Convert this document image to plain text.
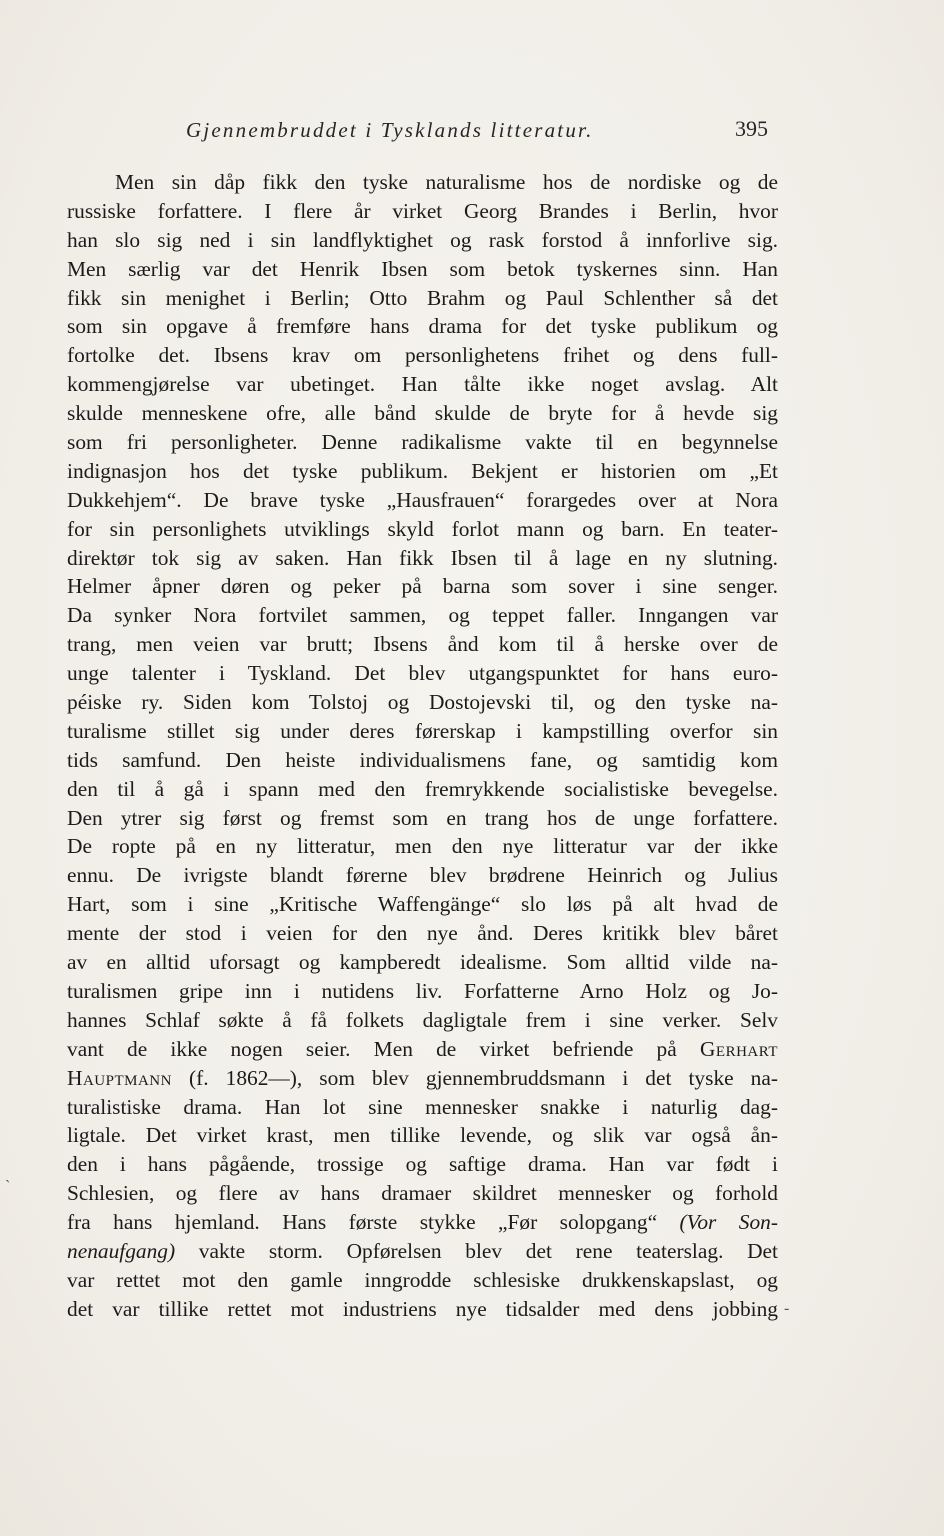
Gjennembruddet i Tysklands litteratur.	395
Men sin dåp fikk den tyske naturalisme hos de nordiske og de
russiske forfattere. I flere år virket Georg Brandes i Berlin, hvor
han slo sig ned i sin landflyktighet og rask forstod å innforlive sig.
Men særlig var det Henrik Ibsen som betok tyskernes sinn. Han
fikk sin menighet i Berlin; Otto Brahm og Paul Schlenther så det
som sin opgave å fremføre hans drama for det tyske publikum og
fortolke det. Ibsens krav om personlighetens frihet og dens full-
kommengjørelse var ubetinget. Han tålte ikke noget avslag. Alt
skulde menneskene ofre, alle bånd skulde de bryte for å hevde sig
som fri personligheter. Denne radikalisme vakte til en begynnelse
indignasjon hos det tyske publikum. Bekjent er historien om „Et
Dukkehjem“. De brave tyske „Hausfrauen“ forargedes over at Nora
for sin personlighets utviklings skyld forlot mann og barn. En teater-
direktør tok sig av saken. Han fikk Ibsen til å lage en ny slutning.
Helmer åpner døren og peker på barna som sover i sine senger.
Da synker Nora fortvilet sammen, og teppet faller. Inngangen var
trang, men veien var brutt; Ibsens ånd kom til å herske over de
unge talenter i Tyskland. Det blev utgangspunktet for hans euro-
péiske ry. Siden kom Tolstoj og Dostojevski til, og den tyske na-
turalisme stillet sig under deres førerskap i kampstilling overfor sin
tids samfund. Den heiste individualismens fane, og samtidig kom
den til å gå i spann med den fremrykkende socialistiske bevegelse.
Den ytrer sig først og fremst som en trang hos de unge forfattere.
De ropte på en ny litteratur, men den nye litteratur var der ikke
ennu. De ivrigste blandt førerne blev brødrene Heinrich og Julius
Hart, som i sine „Kritische Waffengänge“ slo løs på alt hvad de
mente der stod i veien for den nye ånd. Deres kritikk blev båret
av en alltid uforsagt og kampberedt idealisme. Som alltid vilde na-
turalismen gripe inn i nutidens liv. Forfatterne Arno Holz og Jo-
hannes Schlaf søkte å få folkets dagligtale frem i sine verker. Selv
vant de ikke nogen seier. Men de virket befriende på Gerhart
Hauptmann (f. 1862—), som blev gjennembruddsmann i det tyske na-
turalistiske drama. Han lot sine mennesker snakke i naturlig dag-
ligtale. Det virket krast, men tillike levende, og slik var også ån-
den i hans pågående, trossige og saftige drama. Han var født i
Schlesien, og flere av hans dramaer skildret mennesker og forhold
fra hans hjemland. Hans første stykke „Før solopgang“ (Vor Son-
nenaufgang) vakte storm. Opførelsen blev det rene teaterslag. Det
var rettet mot den gamle inngrodde schlesiske drukkenskapslast, og
det var tillike rettet mot industriens nye tidsalder med dens jobbing
ˏ
-
